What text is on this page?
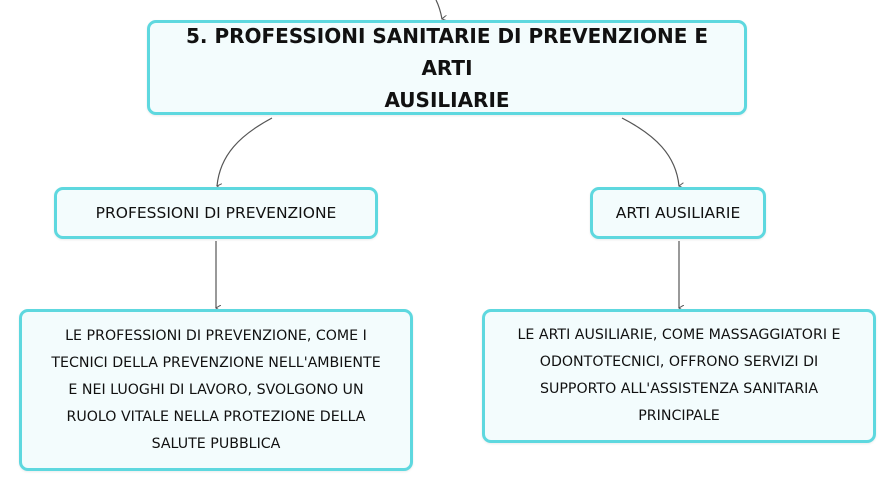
5. PROFESSIONI SANITARIE DI PREVENZIONE E ARTI
AUSILIARIE
PROFESSIONI DI PREVENZIONE	ARTI AUSILIARIE
LE PROFESSIONI DI PREVENZIONE, COME I
TECNICI DELLA PREVENZIONE NELL'AMBIENTE
E NEI LUOGHI DI LAVORO, SVOLGONO UN
RUOLO VITALE NELLA PROTEZIONE DELLA
SALUTE PUBBLICA
LE ARTI AUSILIARIE, COME MASSAGGIATORI E
ODONTOTECNICI, OFFRONO SERVIZI DI
SUPPORTO ALL'ASSISTENZA SANITARIA
PRINCIPALE
